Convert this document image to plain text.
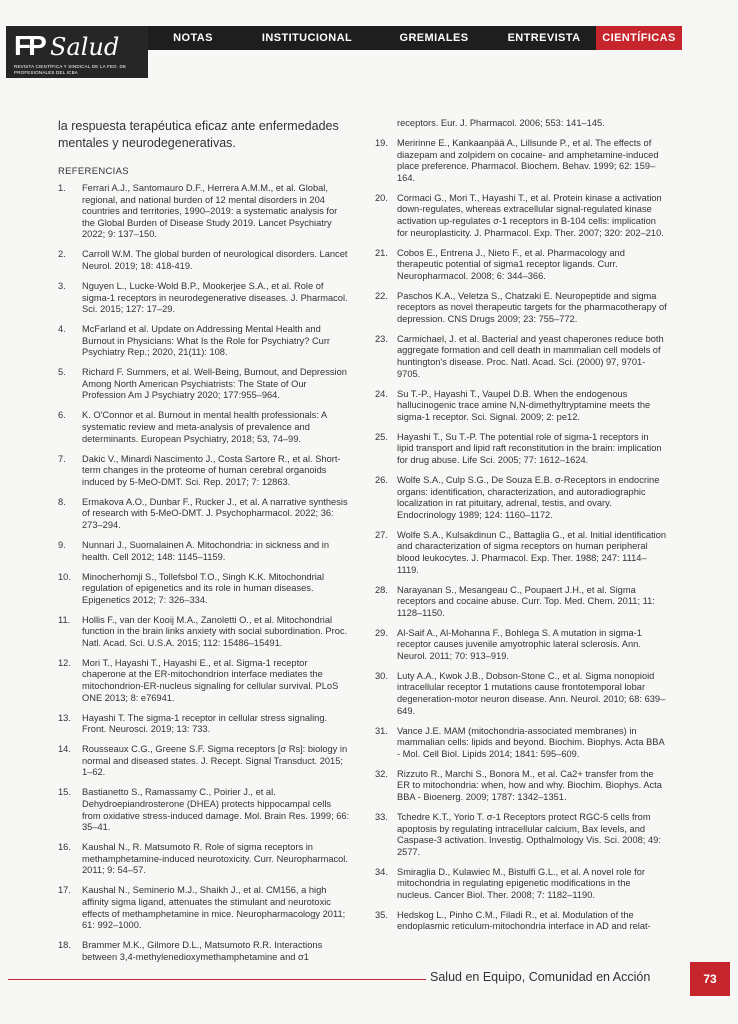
FP Salud
REVISTA CIENTÍFICA Y SINDICAL DE LA FED. DE PROFESIONALES DEL ICBA
NOTAS	INSTITUCIONAL	GREMIALES	ENTREVISTA	CIENTÍFICAS

la respuesta terapéutica eficaz ante enfermedades mentales y neurodegenerativas.

REFERENCIAS
1.	Ferrari A.J., Santomauro D.F., Herrera A.M.M., et al. Global, regional, and national burden of 12 mental disorders in 204 countries and territories, 1990–2019: a systematic analysis for the Global Burden of Disease Study 2019. Lancet Psychiatry 2022; 9: 137–150.
2.	Carroll W.M. The global burden of neurological disorders. Lancet Neurol. 2019; 18: 418-419.
3.	Nguyen L., Lucke-Wold B.P., Mookerjee S.A., et al. Role of sigma-1 receptors in neurodegenerative diseases. J. Pharmacol. Sci. 2015; 127: 17–29.
4.	McFarland et al. Update on Addressing Mental Health and Burnout in Physicians: What Is the Role for Psychiatry? Curr Psychiatry Rep.; 2020, 21(11): 108.
5.	Richard F. Summers, et al. Well-Being, Burnout, and Depression Among North American Psychiatrists: The State of Our Profession Am J Psychiatry 2020; 177:955–964.
6.	K. O'Connor et al. Burnout in mental health professionals: A systematic review and meta-analysis of prevalence and determinants. European Psychiatry, 2018; 53, 74–99.
7.	Dakic V., Minardi Nascimento J., Costa Sartore R., et al. Short-term changes in the proteome of human cerebral organoids induced by 5-MeO-DMT. Sci. Rep. 2017; 7: 12863.
8.	Ermakova A.O., Dunbar F., Rucker J., et al. A narrative synthesis of research with 5-MeO-DMT. J. Psychopharmacol. 2022; 36: 273–294.
9.	Nunnari J., Suomalainen A. Mitochondria: in sickness and in health. Cell 2012; 148: 1145–1159.
10.	Minocherhomji S., Tollefsbol T.O., Singh K.K. Mitochondrial regulation of epigenetics and its role in human diseases. Epigenetics 2012; 7: 326–334.
11.	Hollis F., van der Kooij M.A., Zanoletti O., et al. Mitochondrial function in the brain links anxiety with social subordination. Proc. Natl. Acad. Sci. U.S.A. 2015; 112: 15486–15491.
12.	Mori T., Hayashi T., Hayashi E., et al. Sigma-1 receptor chaperone at the ER-mitochondrion interface mediates the mitochondrion-ER-nucleus signaling for cellular survival. PLoS ONE 2013; 8: e76941.
13.	Hayashi T. The sigma-1 receptor in cellular stress signaling. Front. Neurosci. 2019; 13: 733.
14.	Rousseaux C.G., Greene S.F. Sigma receptors [σ Rs]: biology in normal and diseased states. J. Recept. Signal Transduct. 2015; 1–62.
15.	Bastianetto S., Ramassamy C., Poirier J., et al. Dehydroepiandrosterone (DHEA) protects hippocampal cells from oxidative stress-induced damage. Mol. Brain Res. 1999; 66: 35–41.
16.	Kaushal N., R. Matsumoto R. Role of sigma receptors in methamphetamine-induced neurotoxicity. Curr. Neuropharmacol. 2011; 9: 54–57.
17.	Kaushal N., Seminerio M.J., Shaikh J., et al. CM156, a high affinity sigma ligand, attenuates the stimulant and neurotoxic effects of methamphetamine in mice. Neuropharmacology 2011; 61: 992–1000.
18.	Brammer M.K., Gilmore D.L., Matsumoto R.R. Interactions between 3,4-methylenedioxymethamphetamine and σ1
receptors. Eur. J. Pharmacol. 2006; 553: 141–145.
19. Meririnne E., Kankaanpää A., Lillsunde P., et al. The effects of diazepam and zolpidem on cocaine- and amphetamine-induced place preference. Pharmacol. Biochem. Behav. 1999; 62: 159–164.
20. Cormaci G., Mori T., Hayashi T., et al. Protein kinase a activation down-regulates, whereas extracellular signal-regulated kinase activation up-regulates σ-1 receptors in B-104 cells: implication for neuroplasticity. J. Pharmacol. Exp. Ther. 2007; 320: 202–210.
21. Cobos E., Entrena J., Nieto F., et al. Pharmacology and therapeutic potential of sigma1 receptor ligands. Curr. Neuropharmacol. 2008; 6: 344–366.
22. Paschos K.A., Veletza S., Chatzaki E. Neuropeptide and sigma receptors as novel therapeutic targets for the pharmacotherapy of depression. CNS Drugs 2009; 23: 755–772.
23. Carmichael, J. et al. Bacterial and yeast chaperones reduce both aggregate formation and cell death in mammalian cell models of huntington's disease. Proc. Natl. Acad. Sci. (2000) 97, 9701-9705.
24. Su T.-P., Hayashi T., Vaupel D.B. When the endogenous hallucinogenic trace amine N,N-dimethyltryptamine meets the sigma-1 receptor. Sci. Signal. 2009; 2: pe12.
25. Hayashi T., Su T.-P. The potential role of sigma-1 receptors in lipid transport and lipid raft reconstitution in the brain: implication for drug abuse. Life Sci. 2005; 77: 1612–1624.
26. Wolfe S.A., Culp S.G., De Souza E.B. σ-Receptors in endocrine organs: identification, characterization, and autoradiographic localization in rat pituitary, adrenal, testis, and ovary. Endocrinology 1989; 124: 1160–1172.
27. Wolfe S.A., Kulsakdinun C., Battaglia G., et al. Initial identification and characterization of sigma receptors on human peripheral blood leukocytes. J. Pharmacol. Exp. Ther. 1988; 247: 1114–1119.
28. Narayanan S., Mesangeau C., Poupaert J.H., et al. Sigma receptors and cocaine abuse. Curr. Top. Med. Chem. 2011; 11: 1128–1150.
29. Al-Saif A., Al-Mohanna F., Bohlega S. A mutation in sigma-1 receptor causes juvenile amyotrophic lateral sclerosis. Ann. Neurol. 2011; 70: 913–919.
30. Luty A.A., Kwok J.B., Dobson-Stone C., et al. Sigma nonopioid intracellular receptor 1 mutations cause frontotemporal lobar degeneration-motor neuron disease. Ann. Neurol. 2010; 68: 639–649.
31. Vance J.E. MAM (mitochondria-associated membranes) in mammalian cells: lipids and beyond. Biochim. Biophys. Acta BBA - Mol. Cell Biol. Lipids 2014; 1841: 595–609.
32. Rizzuto R., Marchi S., Bonora M., et al. Ca2+ transfer from the ER to mitochondria: when, how and why. Biochim. Biophys. Acta BBA - Bioenerg. 2009; 1787: 1342–1351.
33. Tchedre K.T., Yorio T. σ-1 Receptors protect RGC-5 cells from apoptosis by regulating intracellular calcium, Bax levels, and Caspase-3 activation. Investig. Opthalmology Vis. Sci. 2008; 49: 2577.
34. Smiraglia D., Kulawiec M., Bistulfi G.L., et al. A novel role for mitochondria in regulating epigenetic modifications in the nucleus. Cancer Biol. Ther. 2008; 7: 1182–1190.
35. Hedskog L., Pinho C.M., Filadi R., et al. Modulation of the endoplasmic reticulum-mitochondria interface in AD and relat-
Salud en Equipo, Comunidad en Acción	73
